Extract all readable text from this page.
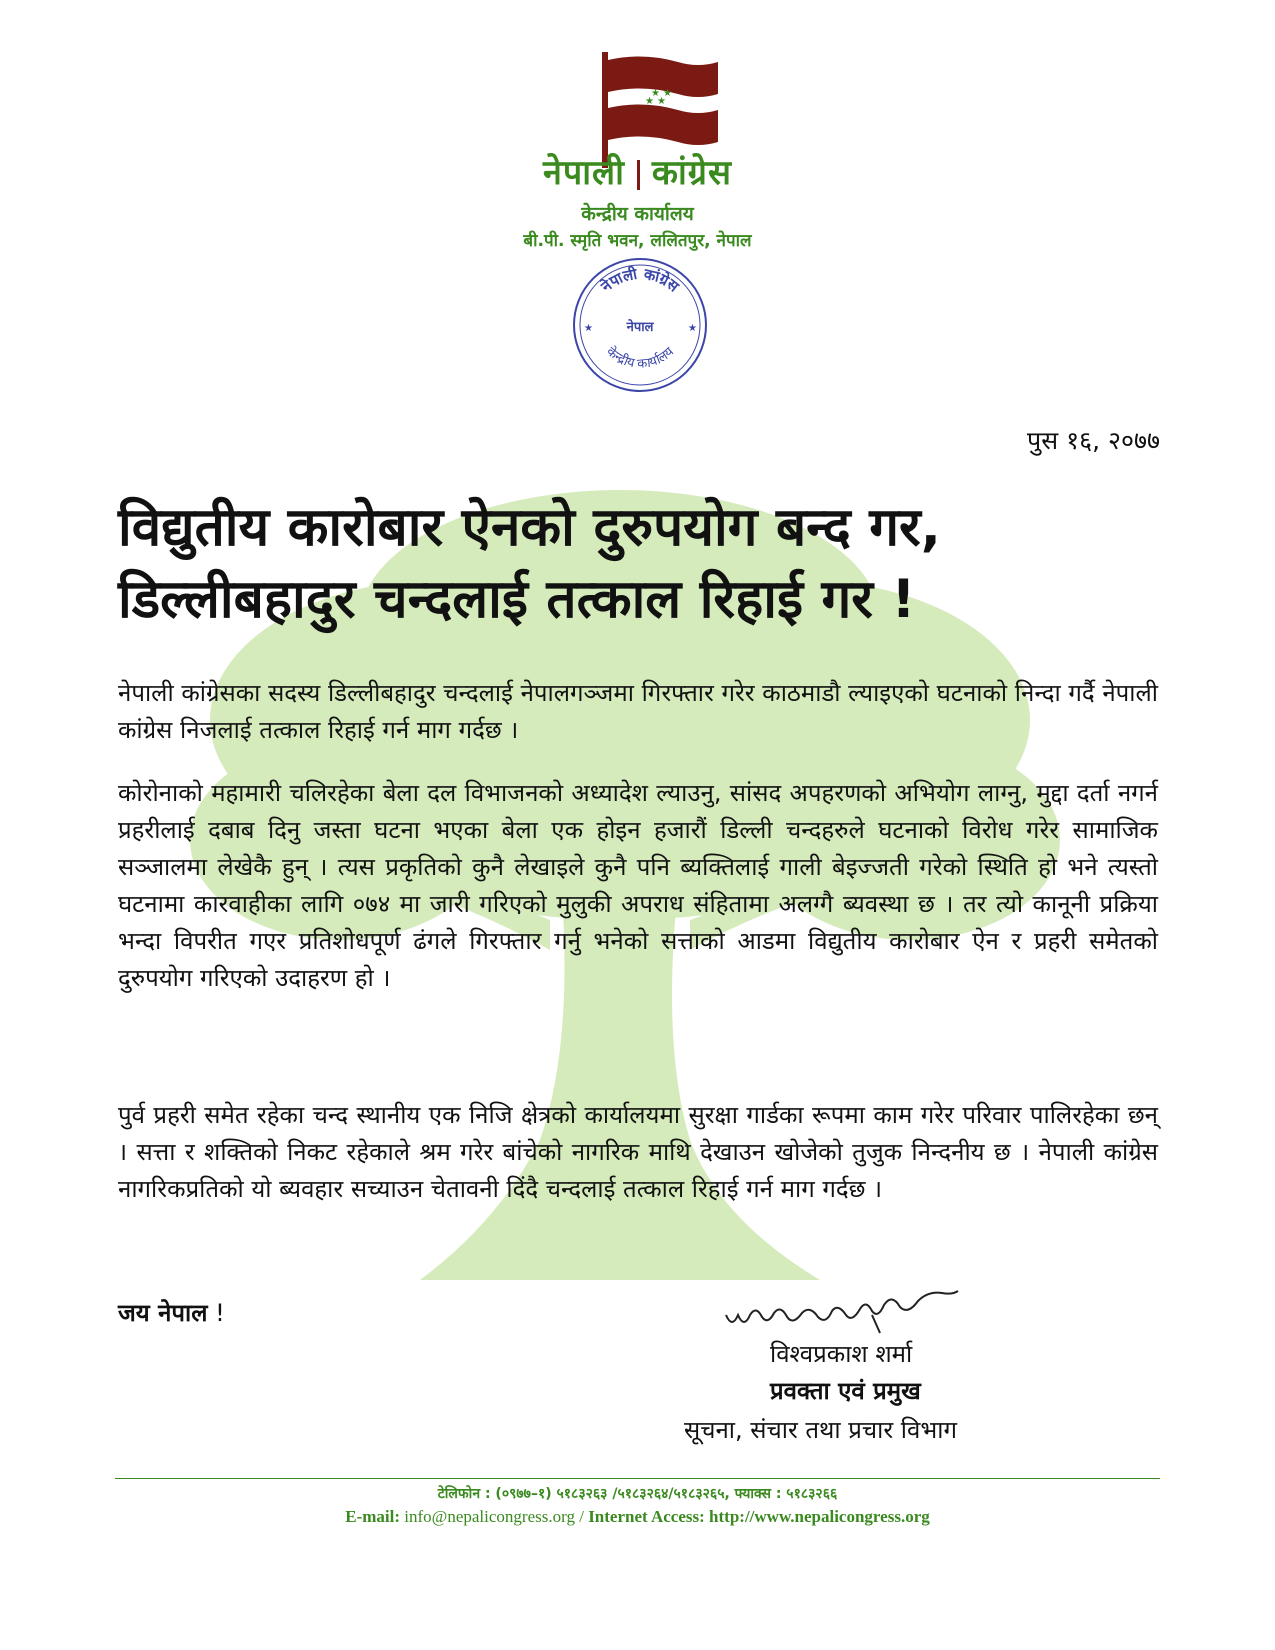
★ ★
★ ★
नेपाली कांग्रेस
केन्द्रीय कार्यालय
बी.पी. स्मृति भवन, ललितपुर, नेपाल
नेपाली कांग्रेस
नेपाल
केन्द्रीय कार्यालय
★	★
पुस १६, २०७७
विद्युतीय कारोबार ऐनको दुरुपयोग बन्द गर,
डिल्लीबहादुर चन्दलाई तत्काल रिहाई गर !
नेपाली कांग्रेसका सदस्य डिल्लीबहादुर चन्दलाई नेपालगञ्जमा गिरफ्तार गरेर काठमाडौ ल्याइएको घटनाको निन्दा गर्दै नेपाली कांग्रेस निजलाई तत्काल रिहाई गर्न माग गर्दछ ।
कोरोनाको महामारी चलिरहेका बेला दल विभाजनको अध्यादेश ल्याउनु, सांसद अपहरणको अभियोग लाग्नु, मुद्दा दर्ता नगर्न प्रहरीलाई दबाब दिनु जस्ता घटना भएका बेला एक होइन हजारौं डिल्ली चन्दहरुले घटनाको विरोध गरेर सामाजिक सञ्जालमा लेखेकै हुन् । त्यस प्रकृतिको कुनै लेखाइले कुनै पनि ब्यक्तिलाई गाली बेइज्जती गरेको स्थिति हो भने त्यस्तो घटनामा कारवाहीका लागि ०७४ मा जारी गरिएको मुलुकी अपराध संहितामा अलग्गै ब्यवस्था छ । तर त्यो कानूनी प्रक्रिया भन्दा विपरीत गएर प्रतिशोधपूर्ण ढंगले गिरफ्तार गर्नु भनेको सत्ताको आडमा विद्युतीय कारोबार ऐन र प्रहरी समेतको दुरुपयोग गरिएको उदाहरण हो ।
पुर्व प्रहरी समेत रहेका चन्द स्थानीय एक निजि क्षेत्रको कार्यालयमा सुरक्षा गार्डका रूपमा काम गरेर परिवार पालिरहेका छन् । सत्ता र शक्तिको निकट रहेकाले श्रम गरेर बांचेको नागरिक माथि देखाउन खोजेको तुजुक निन्दनीय छ । नेपाली कांग्रेस नागरिकप्रतिको यो ब्यवहार सच्याउन चेतावनी दिंदै चन्दलाई तत्काल रिहाई गर्न माग गर्दछ ।
जय नेपाल !
विश्वप्रकाश शर्मा
प्रवक्ता एवं प्रमुख
सूचना, संचार तथा प्रचार विभाग
टेलिफोन : (०९७७–१) ५१८३२६३ /५१८३२६४/५१८३२६५, फ्याक्स : ५१८३२६६
E-mail: info@nepalicongress.org / Internet Access: http://www.nepalicongress.org
